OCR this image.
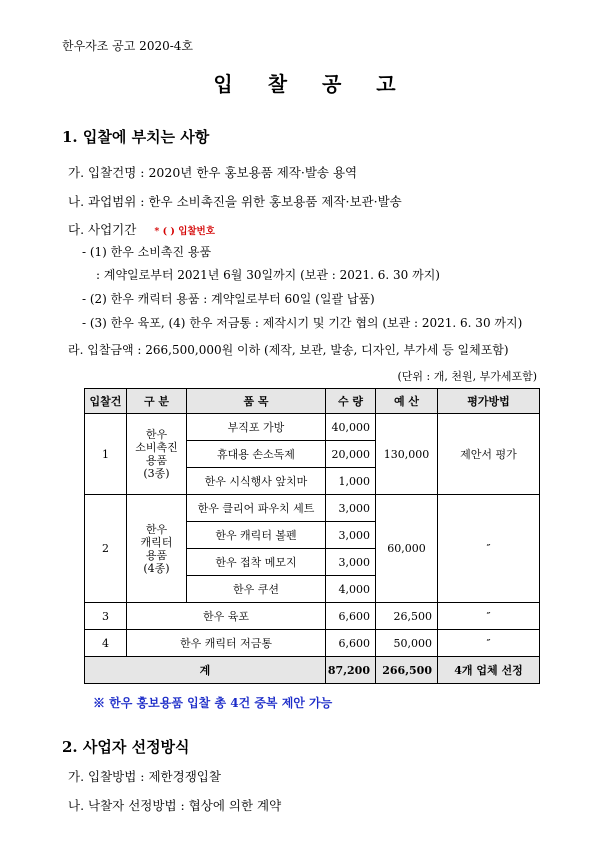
한우자조 공고 2020-4호
입 찰 공 고
1. 입찰에 부치는 사항
가. 입찰건명 : 2020년 한우 홍보용품 제작·발송 용역
나. 과업범위 : 한우 소비촉진을 위한 홍보용품 제작·보관·발송
다. 사업기간 * ( ) 입찰번호
- (1) 한우 소비촉진 용품
: 계약일로부터 2021년 6월 30일까지 (보관 : 2021. 6. 30 까지)
- (2) 한우 캐릭터 용품 : 계약일로부터 60일 (일괄 납품)
- (3) 한우 육포, (4) 한우 저금통 : 제작시기 및 기간 협의 (보관 : 2021. 6. 30 까지)
라. 입찰금액 : 266,500,000원 이하 (제작, 보관, 발송, 디자인, 부가세 등 일체포함)
(단위 : 개, 천원, 부가세포함)
입찰건	구 분	품 목	수 량	예 산	평가방법
1	한우
소비촉진
용품
(3종)	부직포 가방	40,000	130,000	제안서 평가
		휴대용 손소독제	20,000		
		한우 시식행사 앞치마	1,000		
2	한우
캐릭터
용품
(4종)	한우 클리어 파우치 세트	3,000	60,000	″
		한우 캐릭터 볼펜	3,000		
		한우 접착 메모지	3,000		
		한우 쿠션	4,000		
3	한우 육포		6,600	26,500	″
4	한우 캐릭터 저금통		6,600	50,000	″
계			87,200	266,500	4개 업체 선정
※ 한우 홍보용품 입찰 총 4건 중복 제안 가능
2. 사업자 선정방식
가. 입찰방법 : 제한경쟁입찰
나. 낙찰자 선정방법 : 협상에 의한 계약
